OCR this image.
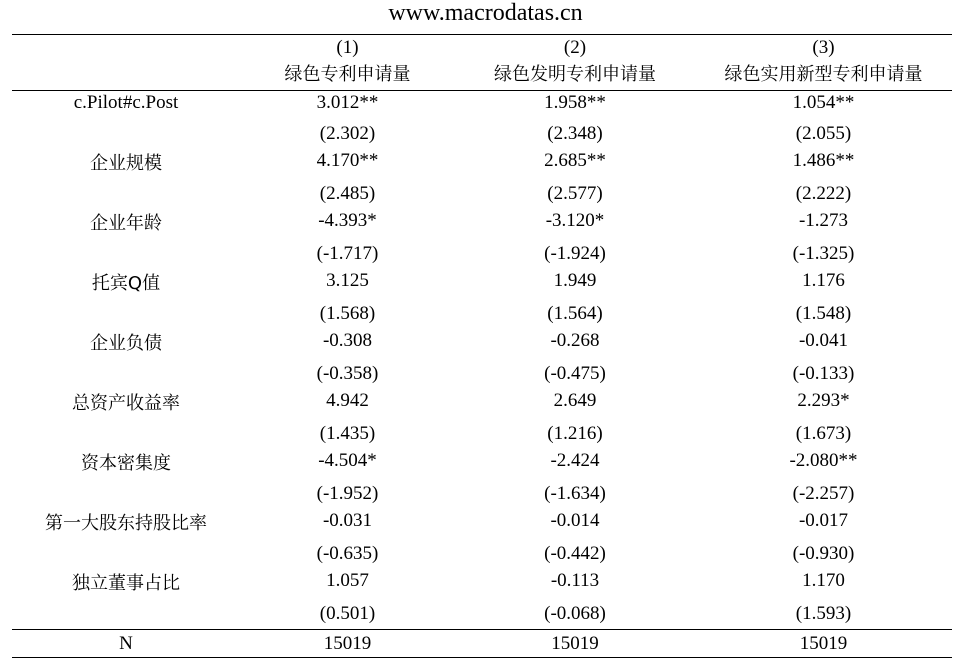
www.macrodatas.cn
	(1)	(2)	(3)
	绿色专利申请量	绿色发明专利申请量	绿色实用新型专利申请量
c.Pilot#c.Post	3.012**	1.958**	1.054**
	(2.302)	(2.348)	(2.055)
企业规模	4.170**	2.685**	1.486**
	(2.485)	(2.577)	(2.222)
企业年龄	-4.393*	-3.120*	-1.273
	(-1.717)	(-1.924)	(-1.325)
托宾Q值	3.125	1.949	1.176
	(1.568)	(1.564)	(1.548)
企业负债	-0.308	-0.268	-0.041
	(-0.358)	(-0.475)	(-0.133)
总资产收益率	4.942	2.649	2.293*
	(1.435)	(1.216)	(1.673)
资本密集度	-4.504*	-2.424	-2.080**
	(-1.952)	(-1.634)	(-2.257)
第一大股东持股比率	-0.031	-0.014	-0.017
	(-0.635)	(-0.442)	(-0.930)
独立董事占比	1.057	-0.113	1.170
	(0.501)	(-0.068)	(1.593)
N	15019	15019	15019
